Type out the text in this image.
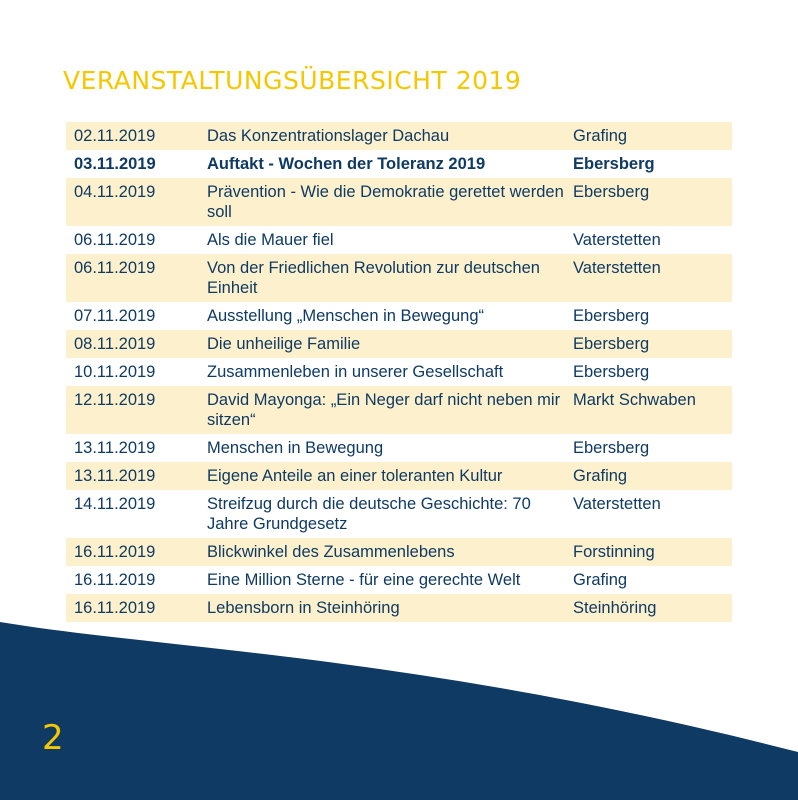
VERANSTALTUNGSÜBERSICHT 2019
02.11.2019	Das Konzentrationslager Dachau	Grafing
03.11.2019	Auftakt - Wochen der Toleranz 2019	Ebersberg
04.11.2019	Prävention - Wie die Demokratie gerettet werden soll	Ebersberg
06.11.2019	Als die Mauer fiel	Vaterstetten
06.11.2019	Von der Friedlichen Revolution zur deutschen Einheit	Vaterstetten
07.11.2019	Ausstellung „Menschen in Bewegung“	Ebersberg
08.11.2019	Die unheilige Familie	Ebersberg
10.11.2019	Zusammenleben in unserer Gesellschaft	Ebersberg
12.11.2019	David Mayonga: „Ein Neger darf nicht neben mir sitzen“	Markt Schwaben
13.11.2019	Menschen in Bewegung	Ebersberg
13.11.2019	Eigene Anteile an einer toleranten Kultur	Grafing
14.11.2019	Streifzug durch die deutsche Geschichte: 70 Jahre Grundgesetz	Vaterstetten
16.11.2019	Blickwinkel des Zusammenlebens	Forstinning
16.11.2019	Eine Million Sterne - für eine gerechte Welt	Grafing
16.11.2019	Lebensborn in Steinhöring	Steinhöring
2
